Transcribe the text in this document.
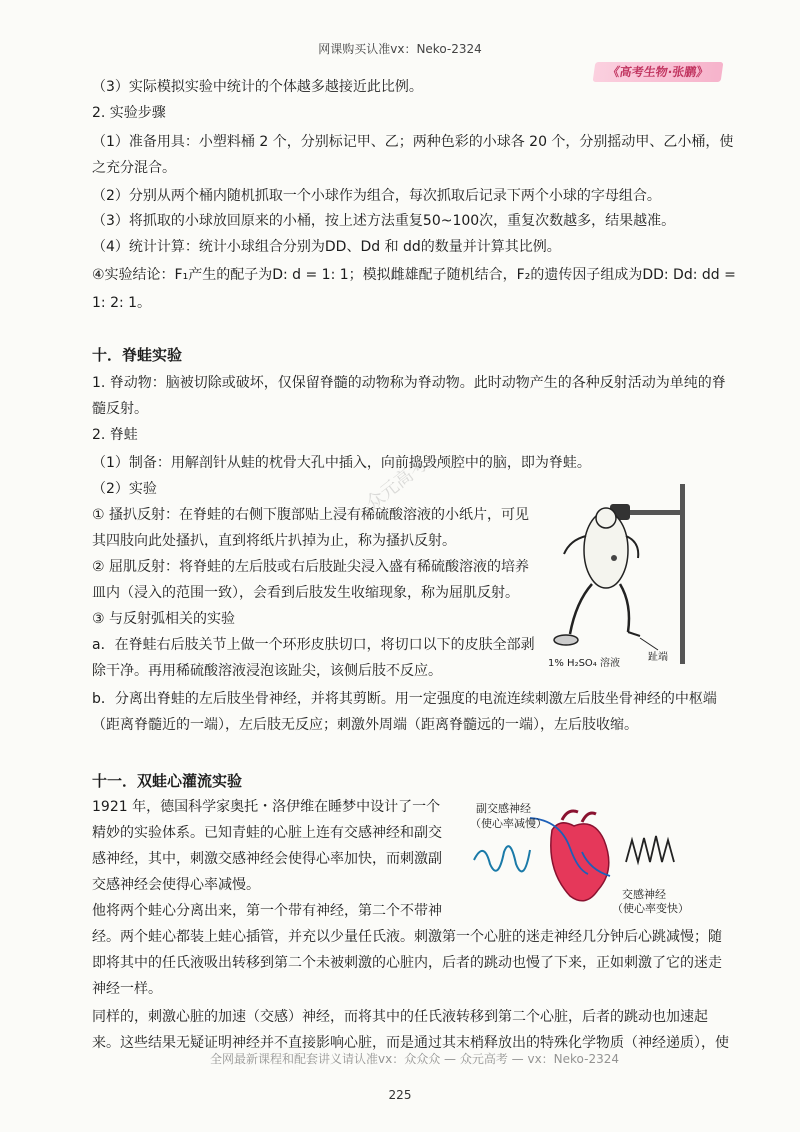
网课购买认准vx：Neko-2324
《高考生物·张鹏》
（3）实际模拟实验中统计的个体越多越接近此比例。
2. 实验步骤
（1）准备用具：小塑料桶 2 个，分别标记甲、乙；两种色彩的小球各 20 个，分别摇动甲、乙小桶，使
之充分混合。
（2）分别从两个桶内随机抓取一个小球作为组合，每次抓取后记录下两个小球的字母组合。
（3）将抓取的小球放回原来的小桶，按上述方法重复50~100次，重复次数越多，结果越准。
（4）统计计算：统计小球组合分别为DD、Dd 和 dd的数量并计算其比例。
④实验结论：F₁产生的配子为D: d = 1: 1；模拟雌雄配子随机结合，F₂的遗传因子组成为DD: Dd: dd =
1: 2: 1。
十．脊蛙实验
1. 脊动物：脑被切除或破坏，仅保留脊髓的动物称为脊动物。此时动物产生的各种反射活动为单纯的脊
髓反射。
2. 脊蛙
（1）制备：用解剖针从蛙的枕骨大孔中插入，向前捣毁颅腔中的脑，即为脊蛙。
（2）实验
① 搔扒反射：在脊蛙的右侧下腹部贴上浸有稀硫酸溶液的小纸片，可见
其四肢向此处搔扒，直到将纸片扒掉为止，称为搔扒反射。
② 屈肌反射：将脊蛙的左后肢或右后肢趾尖浸入盛有稀硫酸溶液的培养
皿内（浸入的范围一致），会看到后肢发生收缩现象，称为屈肌反射。
③ 与反射弧相关的实验
a．在脊蛙右后肢关节上做一个环形皮肤切口，将切口以下的皮肤全部剥
除干净。再用稀硫酸溶液浸泡该趾尖，该侧后肢不反应。
b．分离出脊蛙的左后肢坐骨神经，并将其剪断。用一定强度的电流连续刺激左后肢坐骨神经的中枢端
（距离脊髓近的一端），左后肢无反应；刺激外周端（距离脊髓远的一端），左后肢收缩。
1% H₂SO₄ 溶液
趾端
十一．双蛙心灌流实验
1921 年，德国科学家奥托・洛伊维在睡梦中设计了一个
精妙的实验体系。已知青蛙的心脏上连有交感神经和副交
感神经，其中，刺激交感神经会使得心率加快，而刺激副
交感神经会使得心率减慢。
他将两个蛙心分离出来，第一个带有神经，第二个不带神
经。两个蛙心都装上蛙心插管，并充以少量任氏液。刺激第一个心脏的迷走神经几分钟后心跳减慢；随
即将其中的任氏液吸出转移到第二个未被刺激的心脏内，后者的跳动也慢了下来，正如刺激了它的迷走
神经一样。
同样的，刺激心脏的加速（交感）神经，而将其中的任氏液转移到第二个心脏，后者的跳动也加速起
来。这些结果无疑证明神经并不直接影响心脏，而是通过其末梢释放出的特殊化学物质（神经递质），使
副交感神经
（使心率减慢）
交感神经
（使心率变快）
众元高考
全网最新课程和配套讲义请认准vx：众众众 — 众元高考 — vx：Neko-2324
225
